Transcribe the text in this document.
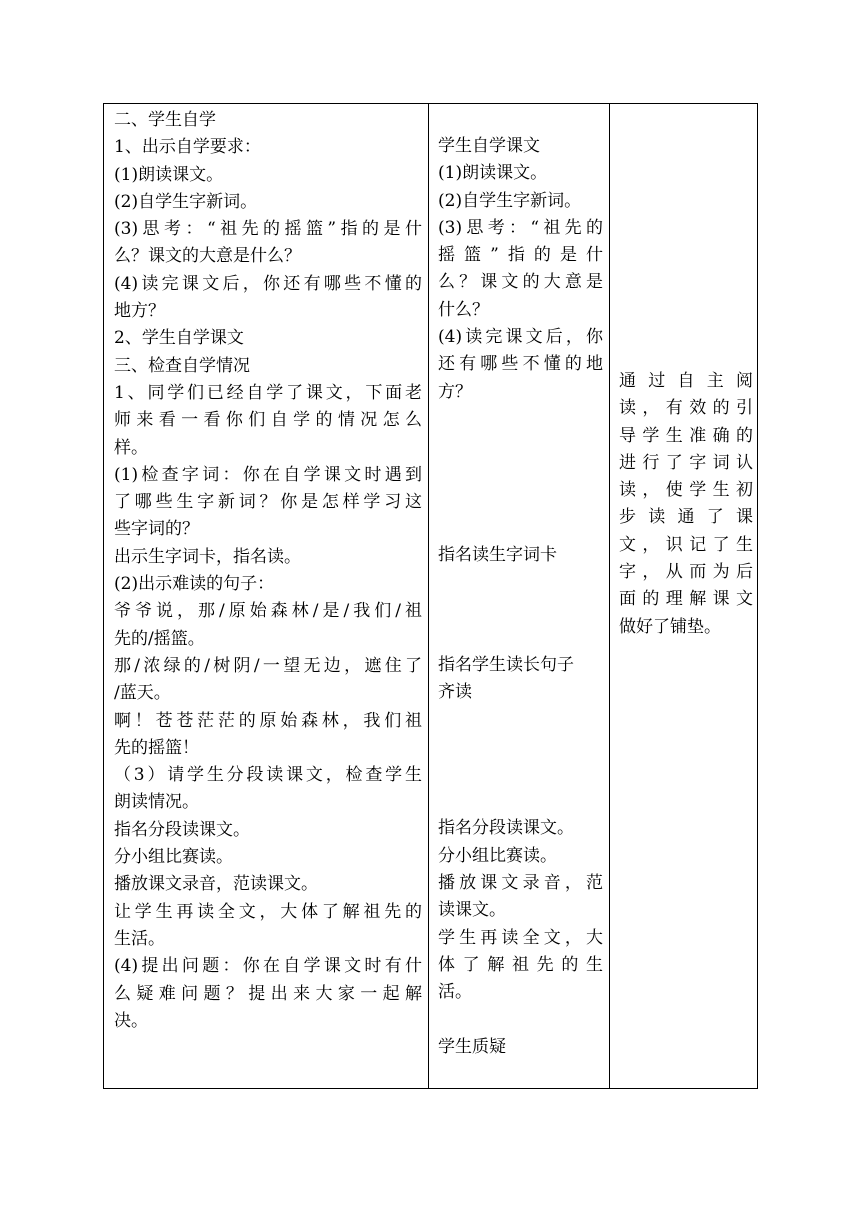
二、学生自学
1、出示自学要求：
(1)朗读课文。
(2)自学生字新词。
(3)思考：“祖先的摇篮”指的是什
么？课文的大意是什么？
(4)读完课文后，你还有哪些不懂的
地方？
2、学生自学课文
三、检查自学情况
1、同学们已经自学了课文，下面老
师来看一看你们自学的情况怎么
样。
(1)检查字词：你在自学课文时遇到
了哪些生字新词？你是怎样学习这
些字词的？
出示生字词卡，指名读。
(2)出示难读的句子：
爷爷说，那/原始森林/是/我们/祖
先的/摇篮。
那/浓绿的/树阴/一望无边，遮住了
/蓝天。
啊！苍苍茫茫的原始森林，我们祖
先的摇篮！
（3）请学生分段读课文，检查学生
朗读情况。
指名分段读课文。
分小组比赛读。
播放课文录音，范读课文。
让学生再读全文，大体了解祖先的
生活。
(4)提出问题：你在自学课文时有什
么疑难问题？提出来大家一起解
决。

学生自学课文
(1)朗读课文。
(2)自学生字新词。
(3)思考：“祖先的
摇篮”指的是什
么？课文的大意是
什么？
(4)读完课文后，你
还有哪些不懂的地
方？
指名读生字词卡
指名学生读长句子
齐读
指名分段读课文。
分小组比赛读。
播放课文录音，范
读课文。
学生再读全文，大
体了解祖先的生
活。
学生质疑

通过自主阅
读，有效的引
导学生准确的
进行了字词认
读，使学生初
步读通了课
文，识记了生
字，从而为后
面的理解课文
做好了铺垫。
